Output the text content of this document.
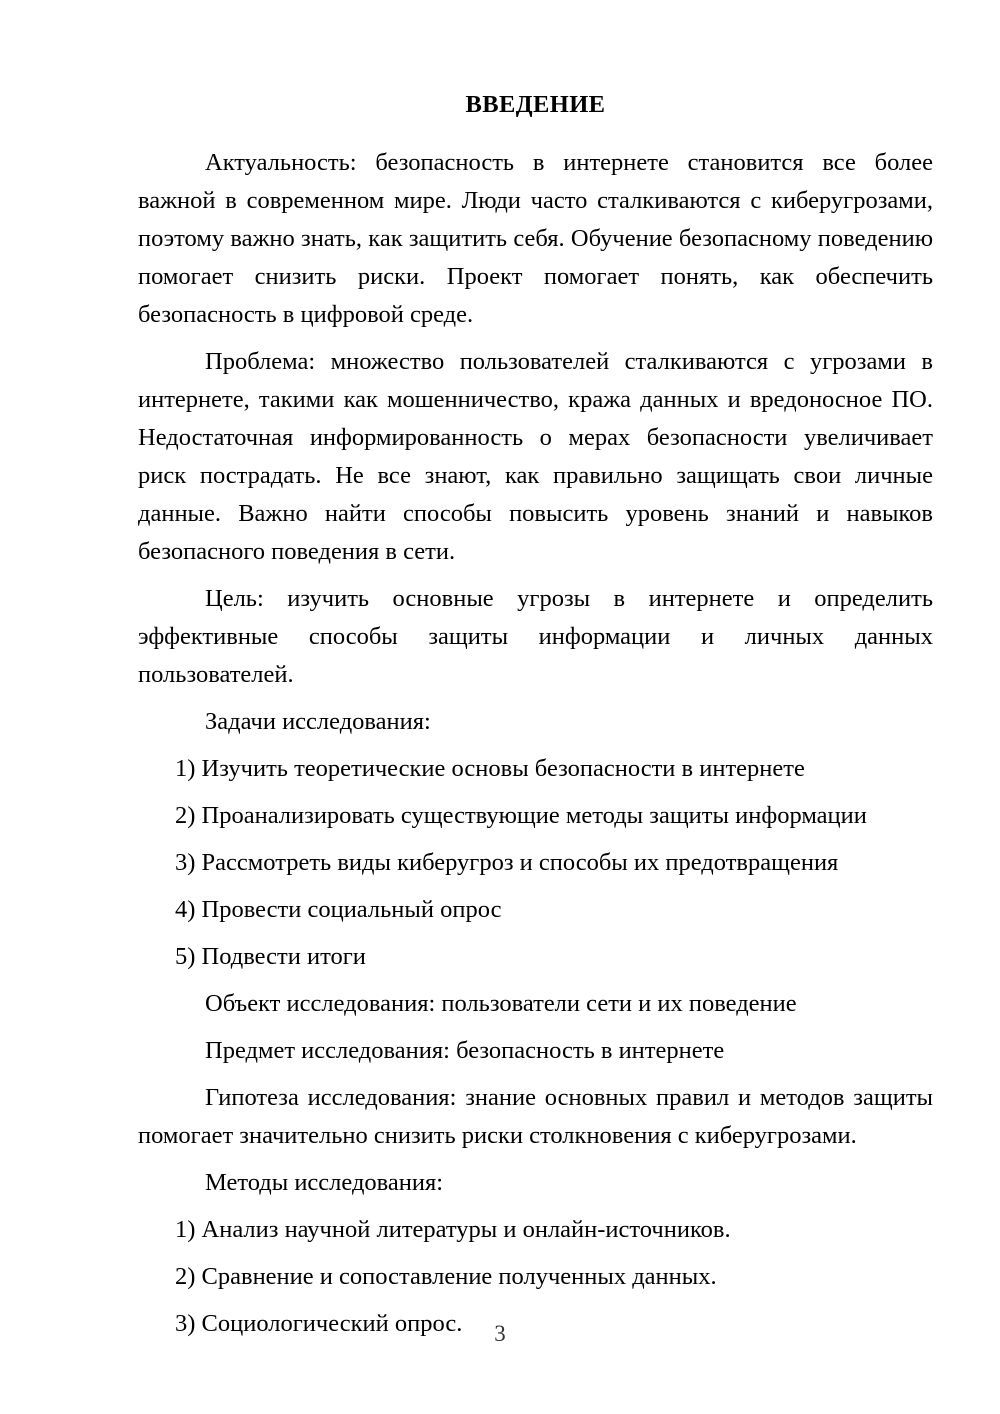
ВВЕДЕНИЕ

Актуальность: безопасность в интернете становится все более важной в современном мире. Люди часто сталкиваются с киберугрозами, поэтому важно знать, как защитить себя. Обучение безопасному поведению помогает снизить риски. Проект помогает понять, как обеспечить безопасность в цифровой среде.

Проблема: множество пользователей сталкиваются с угрозами в интернете, такими как мошенничество, кража данных и вредоносное ПО. Недостаточная информированность о мерах безопасности увеличивает риск пострадать. Не все знают, как правильно защищать свои личные данные. Важно найти способы повысить уровень знаний и навыков безопасного поведения в сети.

Цель: изучить основные угрозы в интернете и определить эффективные способы защиты информации и личных данных пользователей.

Задачи исследования:

1) Изучить теоретические основы безопасности в интернете
2) Проанализировать существующие методы защиты информации
3) Рассмотреть виды киберугроз и способы их предотвращения
4) Провести социальный опрос
5) Подвести итоги

Объект исследования: пользователи сети и их поведение

Предмет исследования: безопасность в интернете

Гипотеза исследования: знание основных правил и методов защиты помогает значительно снизить риски столкновения с киберугрозами.

Методы исследования:

1) Анализ научной литературы и онлайн-источников.
2) Сравнение и сопоставление полученных данных.
3) Социологический опрос.	3
